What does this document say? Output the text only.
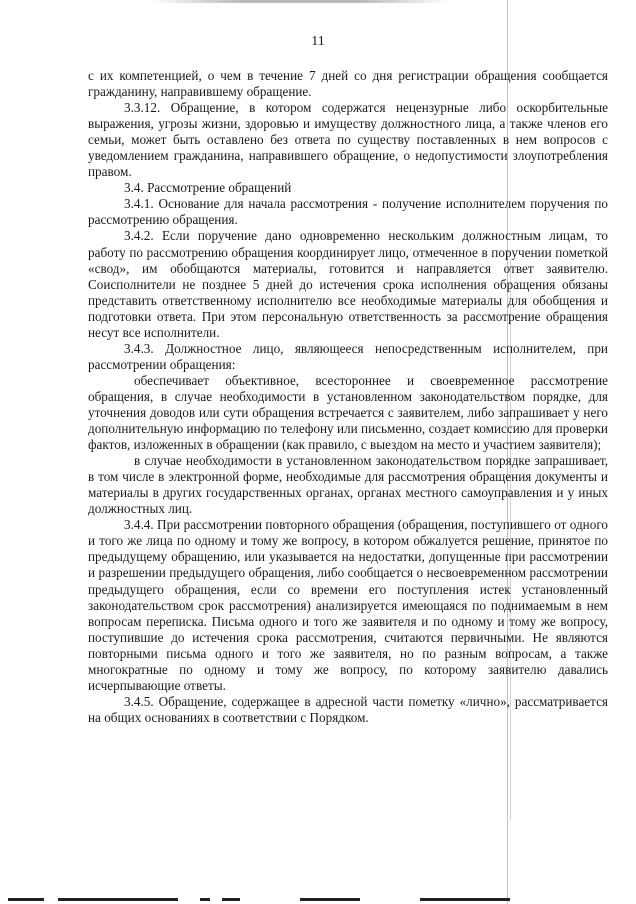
11

с их компетенцией, о чем в течение 7 дней со дня регистрации обращения сообщается гражданину, направившему обращение.

3.3.12. Обращение, в котором содержатся нецензурные либо оскорбительные выражения, угрозы жизни, здоровью и имуществу должностного лица, а также членов его семьи, может быть оставлено без ответа по существу поставленных в нем вопросов с уведомлением гражданина, направившего обращение, о недопустимости злоупотребления правом.

3.4. Рассмотрение обращений

3.4.1. Основание для начала рассмотрения - получение исполнителем поручения по рассмотрению обращения.

3.4.2. Если поручение дано одновременно нескольким должностным лицам, то работу по рассмотрению обращения координирует лицо, отмеченное в поручении пометкой «свод», им обобщаются материалы, готовится и направляется ответ заявителю. Соисполнители не позднее 5 дней до истечения срока исполнения обращения обязаны представить ответственному исполнителю все необходимые материалы для обобщения и подготовки ответа. При этом персональную ответственность за рассмотрение обращения несут все исполнители.

3.4.3. Должностное лицо, являющееся непосредственным исполнителем, при рассмотрении обращения:

обеспечивает объективное, всестороннее и своевременное рассмотрение обращения, в случае необходимости в установленном законодательством порядке, для уточнения доводов или сути обращения встречается с заявителем, либо запрашивает у него дополнительную информацию по телефону или письменно, создает комиссию для проверки фактов, изложенных в обращении (как правило, с выездом на место и участием заявителя);

в случае необходимости в установленном законодательством порядке запрашивает, в том числе в электронной форме, необходимые для рассмотрения обращения документы и материалы в других государственных органах, органах местного самоуправления и у иных должностных лиц.

3.4.4. При рассмотрении повторного обращения (обращения, поступившего от одного и того же лица по одному и тому же вопросу, в котором обжалуется решение, принятое по предыдущему обращению, или указывается на недостатки, допущенные при рассмотрении и разрешении предыдущего обращения, либо сообщается о несвоевременном рассмотрении предыдущего обращения, если со времени его поступления истек установленный законодательством срок рассмотрения) анализируется имеющаяся по поднимаемым в нем вопросам переписка. Письма одного и того же заявителя и по одному и тому же вопросу, поступившие до истечения срока рассмотрения, считаются первичными. Не являются повторными письма одного и того же заявителя, но по разным вопросам, а также многократные по одному и тому же вопросу, по которому заявителю давались исчерпывающие ответы.

3.4.5. Обращение, содержащее в адресной части пометку «лично», рассматривается на общих основаниях в соответствии с Порядком.
